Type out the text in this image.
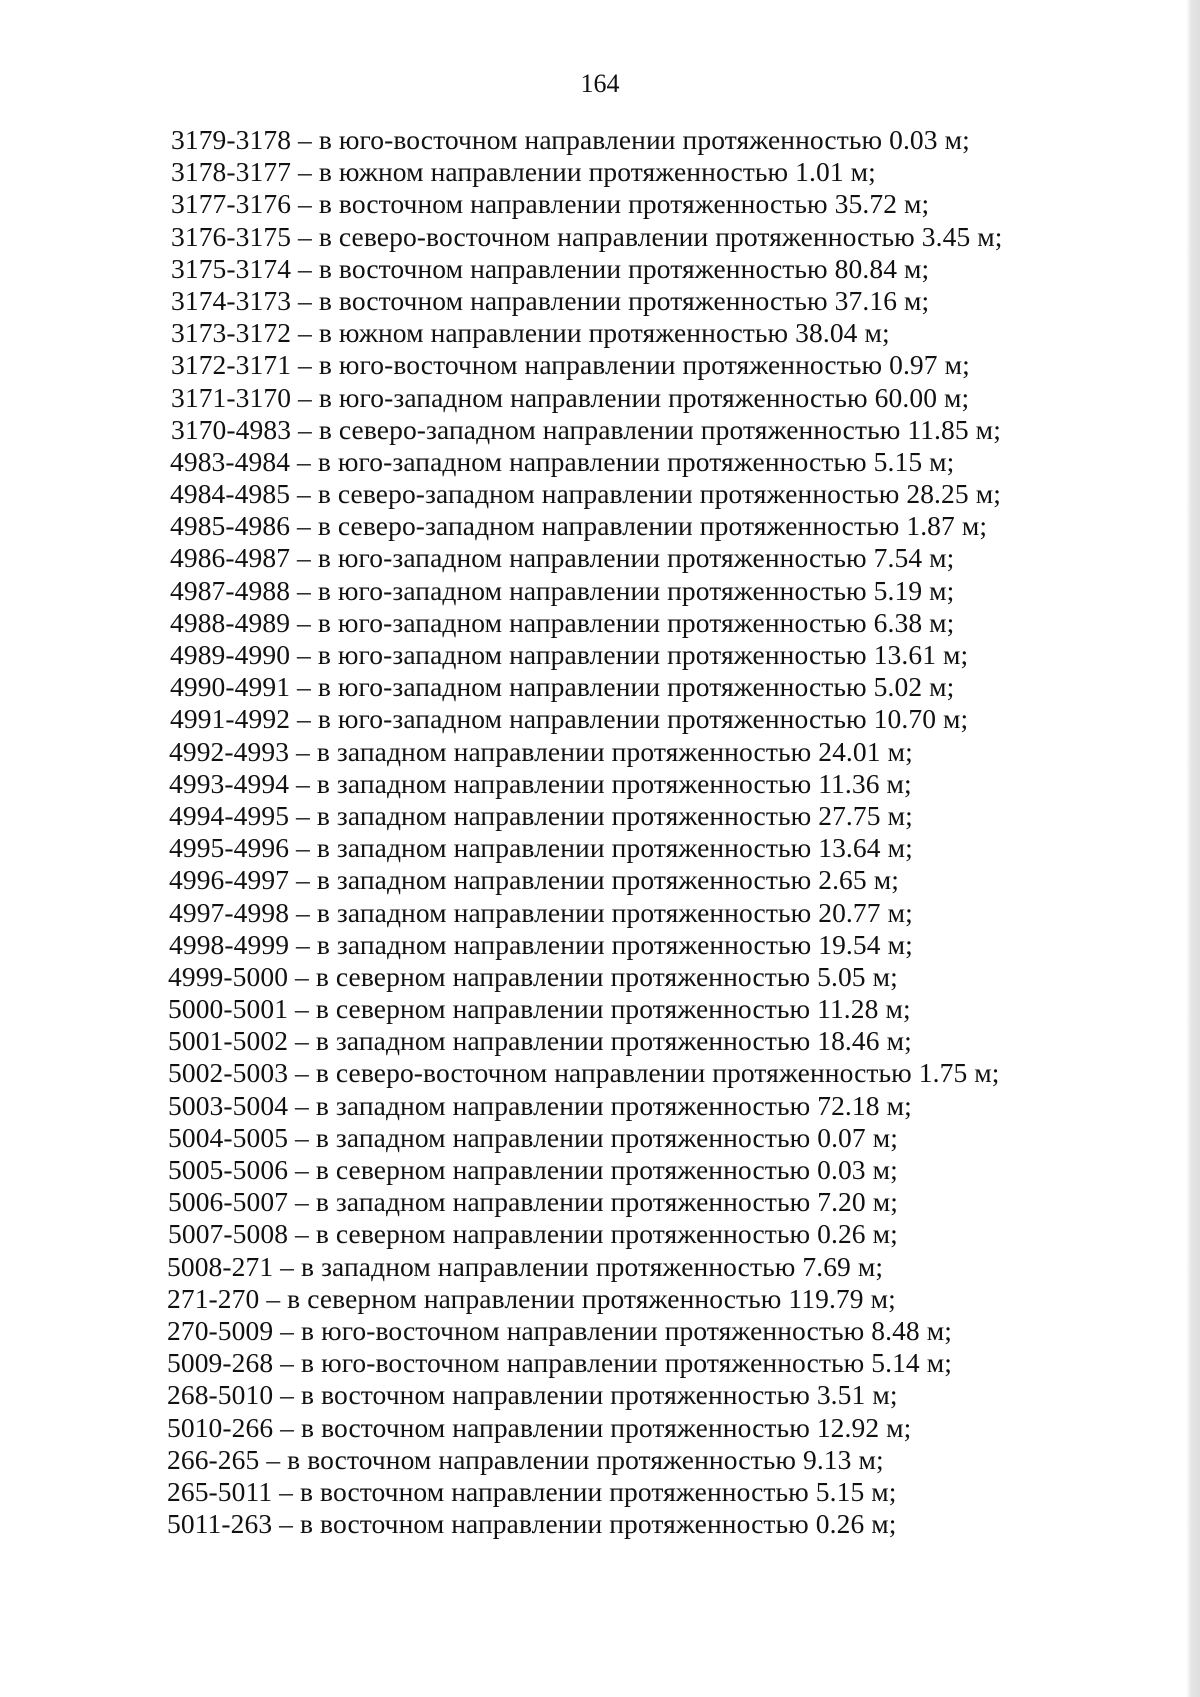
164
3179-3178 – в юго-восточном направлении протяженностью 0.03 м;
3178-3177 – в южном направлении протяженностью 1.01 м;
3177-3176 – в восточном направлении протяженностью 35.72 м;
3176-3175 – в северо-восточном направлении протяженностью 3.45 м;
3175-3174 – в восточном направлении протяженностью 80.84 м;
3174-3173 – в восточном направлении протяженностью 37.16 м;
3173-3172 – в южном направлении протяженностью 38.04 м;
3172-3171 – в юго-восточном направлении протяженностью 0.97 м;
3171-3170 – в юго-западном направлении протяженностью 60.00 м;
3170-4983 – в северо-западном направлении протяженностью 11.85 м;
4983-4984 – в юго-западном направлении протяженностью 5.15 м;
4984-4985 – в северо-западном направлении протяженностью 28.25 м;
4985-4986 – в северо-западном направлении протяженностью 1.87 м;
4986-4987 – в юго-западном направлении протяженностью 7.54 м;
4987-4988 – в юго-западном направлении протяженностью 5.19 м;
4988-4989 – в юго-западном направлении протяженностью 6.38 м;
4989-4990 – в юго-западном направлении протяженностью 13.61 м;
4990-4991 – в юго-западном направлении протяженностью 5.02 м;
4991-4992 – в юго-западном направлении протяженностью 10.70 м;
4992-4993 – в западном направлении протяженностью 24.01 м;
4993-4994 – в западном направлении протяженностью 11.36 м;
4994-4995 – в западном направлении протяженностью 27.75 м;
4995-4996 – в западном направлении протяженностью 13.64 м;
4996-4997 – в западном направлении протяженностью 2.65 м;
4997-4998 – в западном направлении протяженностью 20.77 м;
4998-4999 – в западном направлении протяженностью 19.54 м;
4999-5000 – в северном направлении протяженностью 5.05 м;
5000-5001 – в северном направлении протяженностью 11.28 м;
5001-5002 – в западном направлении протяженностью 18.46 м;
5002-5003 – в северо-восточном направлении протяженностью 1.75 м;
5003-5004 – в западном направлении протяженностью 72.18 м;
5004-5005 – в западном направлении протяженностью 0.07 м;
5005-5006 – в северном направлении протяженностью 0.03 м;
5006-5007 – в западном направлении протяженностью 7.20 м;
5007-5008 – в северном направлении протяженностью 0.26 м;
5008-271 – в западном направлении протяженностью 7.69 м;
271-270 – в северном направлении протяженностью 119.79 м;
270-5009 – в юго-восточном направлении протяженностью 8.48 м;
5009-268 – в юго-восточном направлении протяженностью 5.14 м;
268-5010 – в восточном направлении протяженностью 3.51 м;
5010-266 – в восточном направлении протяженностью 12.92 м;
266-265 – в восточном направлении протяженностью 9.13 м;
265-5011 – в восточном направлении протяженностью 5.15 м;
5011-263 – в восточном направлении протяженностью 0.26 м;
